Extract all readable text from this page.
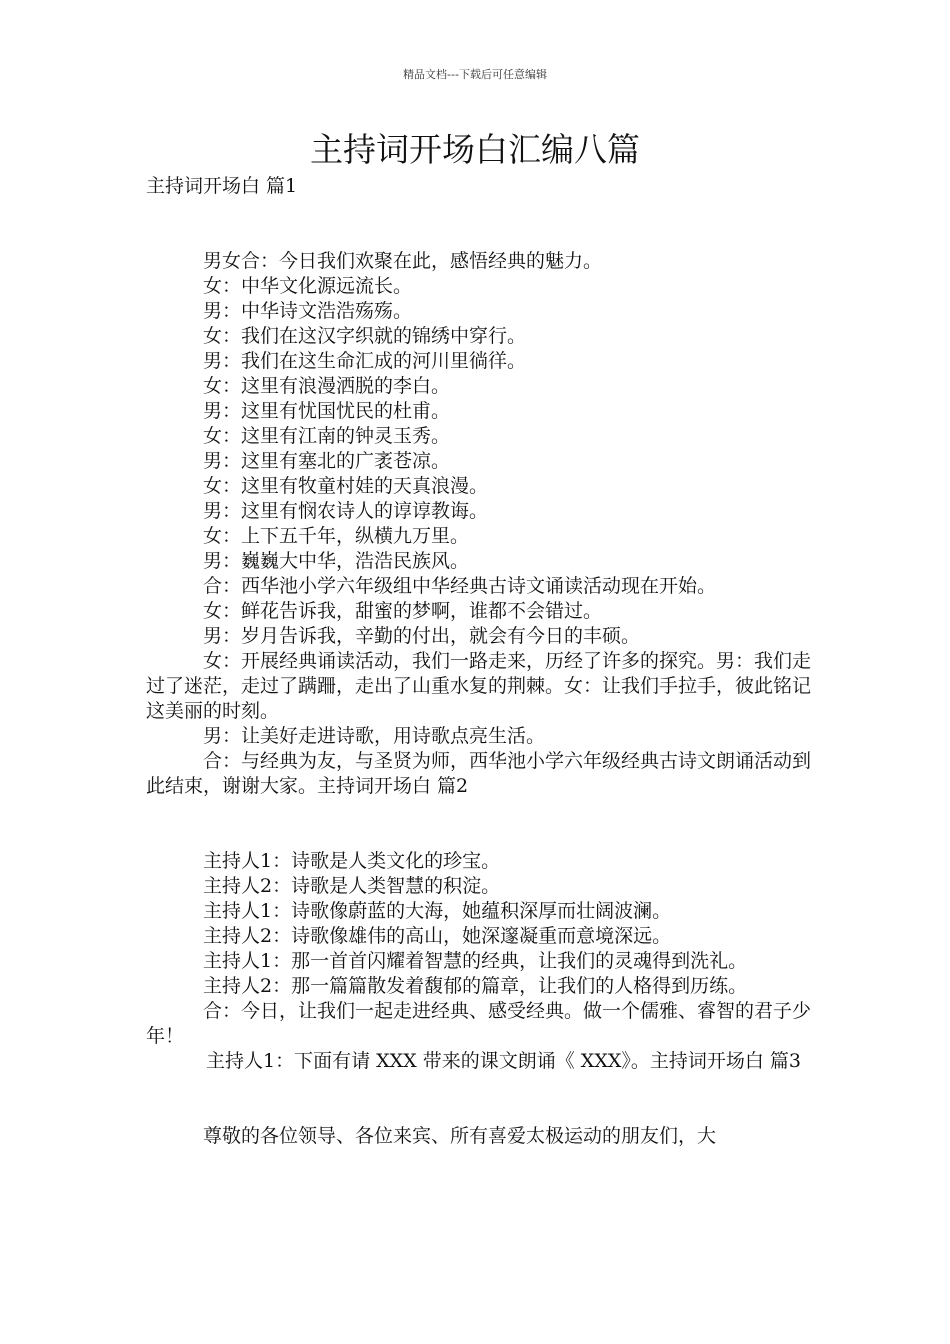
精品文档---下载后可任意编辑
主持词开场白汇编八篇

主持词开场白 篇1

男女合：今日我们欢聚在此，感悟经典的魅力。

女：中华文化源远流长。

男：中华诗文浩浩殇殇。

女：我们在这汉字织就的锦绣中穿行。

男：我们在这生命汇成的河川里徜徉。

女：这里有浪漫洒脱的李白。

男：这里有忧国忧民的杜甫。

女：这里有江南的钟灵玉秀。

男：这里有塞北的广袤苍凉。

女：这里有牧童村娃的天真浪漫。

男：这里有悯农诗人的谆谆教诲。

女：上下五千年，纵横九万里。

男：巍巍大中华，浩浩民族风。

合：西华池小学六年级组中华经典古诗文诵读活动现在开始。

女：鲜花告诉我，甜蜜的梦啊，谁都不会错过。

男：岁月告诉我，辛勤的付出，就会有今日的丰硕。

女：开展经典诵读活动，我们一路走来，历经了许多的探究。男：我们走过了迷茫，走过了蹒跚，走出了山重水复的荆棘。女：让我们手拉手，彼此铭记这美丽的时刻。

男：让美好走进诗歌，用诗歌点亮生活。

合：与经典为友，与圣贤为师，西华池小学六年级经典古诗文朗诵活动到此结束，谢谢大家。主持词开场白 篇2

主持人1：诗歌是人类文化的珍宝。

主持人2：诗歌是人类智慧的积淀。

主持人1：诗歌像蔚蓝的大海，她蕴积深厚而壮阔波澜。

主持人2：诗歌像雄伟的高山，她深邃凝重而意境深远。

主持人1：那一首首闪耀着智慧的经典，让我们的灵魂得到洗礼。

主持人2：那一篇篇散发着馥郁的篇章，让我们的人格得到历练。

合：今日，让我们一起走进经典、感受经典。做一个儒雅、睿智的君子少年！

主持人1：下面有请 XXX 带来的课文朗诵《 XXX》。主持词开场白 篇3

尊敬的各位领导、各位来宾、所有喜爱太极运动的朋友们，大
